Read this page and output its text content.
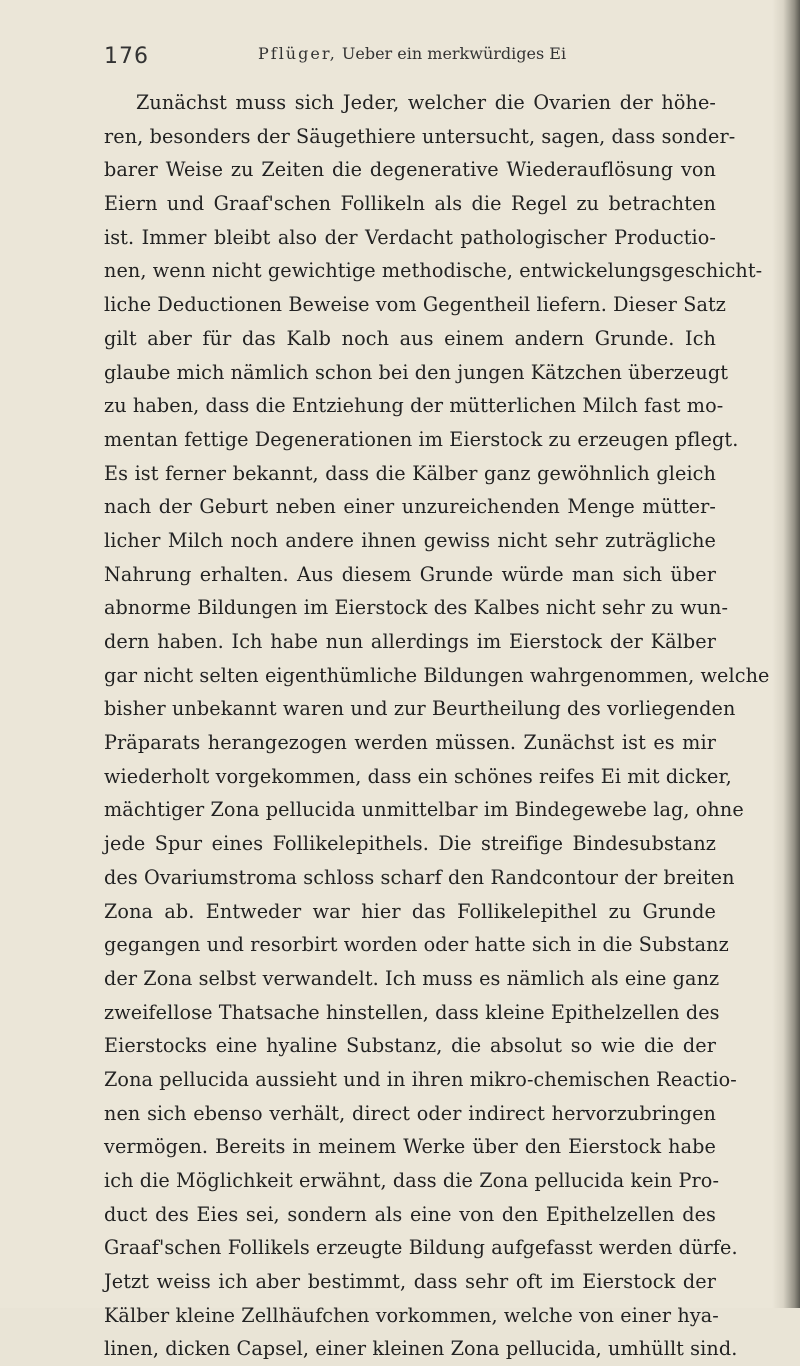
176	Pflüger, Ueber ein merkwürdiges Ei
Zunächst muss sich Jeder, welcher die Ovarien der höhe-
ren, besonders der Säugethiere untersucht, sagen, dass sonder-
barer Weise zu Zeiten die degenerative Wiederauflösung von
Eiern und Graaf'schen Follikeln als die Regel zu betrachten
ist. Immer bleibt also der Verdacht pathologischer Productio-
nen, wenn nicht gewichtige methodische, entwickelungsgeschicht-
liche Deductionen Beweise vom Gegentheil liefern. Dieser Satz
gilt aber für das Kalb noch aus einem andern Grunde. Ich
glaube mich nämlich schon bei den jungen Kätzchen überzeugt
zu haben, dass die Entziehung der mütterlichen Milch fast mo-
mentan fettige Degenerationen im Eierstock zu erzeugen pflegt.
Es ist ferner bekannt, dass die Kälber ganz gewöhnlich gleich
nach der Geburt neben einer unzureichenden Menge mütter-
licher Milch noch andere ihnen gewiss nicht sehr zuträgliche
Nahrung erhalten. Aus diesem Grunde würde man sich über
abnorme Bildungen im Eierstock des Kalbes nicht sehr zu wun-
dern haben. Ich habe nun allerdings im Eierstock der Kälber
gar nicht selten eigenthümliche Bildungen wahrgenommen, welche
bisher unbekannt waren und zur Beurtheilung des vorliegenden
Präparats herangezogen werden müssen. Zunächst ist es mir
wiederholt vorgekommen, dass ein schönes reifes Ei mit dicker,
mächtiger Zona pellucida unmittelbar im Bindegewebe lag, ohne
jede Spur eines Follikelepithels. Die streifige Bindesubstanz
des Ovariumstroma schloss scharf den Randcontour der breiten
Zona ab. Entweder war hier das Follikelepithel zu Grunde
gegangen und resorbirt worden oder hatte sich in die Substanz
der Zona selbst verwandelt. Ich muss es nämlich als eine ganz
zweifellose Thatsache hinstellen, dass kleine Epithelzellen des
Eierstocks eine hyaline Substanz, die absolut so wie die der
Zona pellucida aussieht und in ihren mikro-chemischen Reactio-
nen sich ebenso verhält, direct oder indirect hervorzubringen
vermögen. Bereits in meinem Werke über den Eierstock habe
ich die Möglichkeit erwähnt, dass die Zona pellucida kein Pro-
duct des Eies sei, sondern als eine von den Epithelzellen des
Graaf'schen Follikels erzeugte Bildung aufgefasst werden dürfe.
Jetzt weiss ich aber bestimmt, dass sehr oft im Eierstock der
Kälber kleine Zellhäufchen vorkommen, welche von einer hya-
linen, dicken Capsel, einer kleinen Zona pellucida, umhüllt sind.
